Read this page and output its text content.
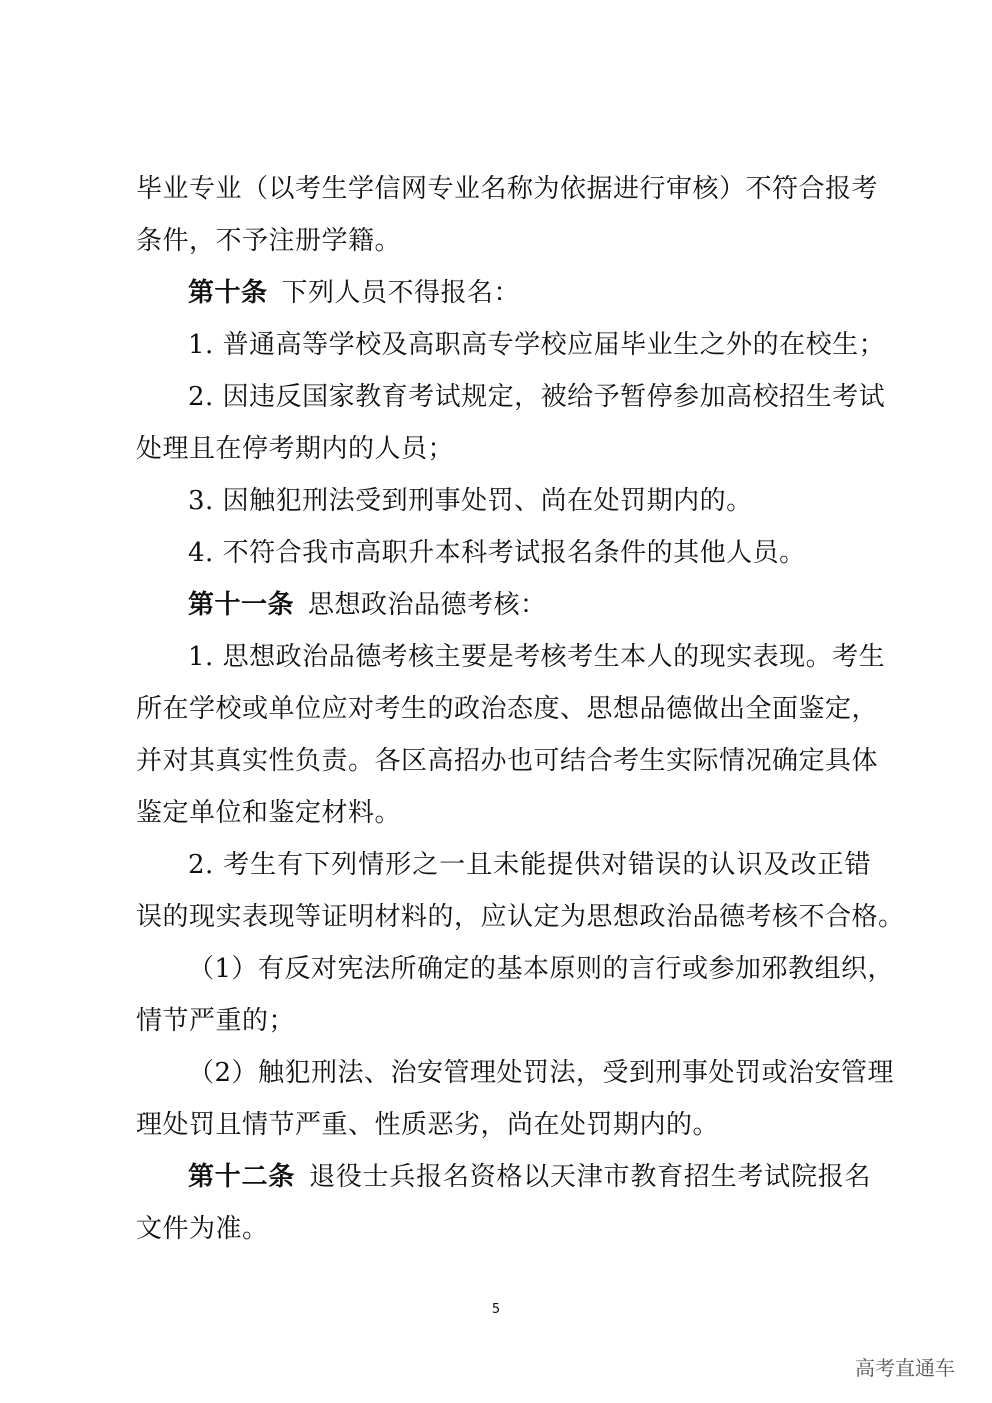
毕业专业（以考生学信网专业名称为依据进行审核）不符合报考
条件，不予注册学籍。
第十条 下列人员不得报名：
1. 普通高等学校及高职高专学校应届毕业生之外的在校生；
2. 因违反国家教育考试规定，被给予暂停参加高校招生考试
处理且在停考期内的人员；
3. 因触犯刑法受到刑事处罚、尚在处罚期内的。
4. 不符合我市高职升本科考试报名条件的其他人员。
第十一条 思想政治品德考核：
1. 思想政治品德考核主要是考核考生本人的现实表现。考生
所在学校或单位应对考生的政治态度、思想品德做出全面鉴定，
并对其真实性负责。各区高招办也可结合考生实际情况确定具体
鉴定单位和鉴定材料。
2. 考生有下列情形之一且未能提供对错误的认识及改正错
误的现实表现等证明材料的，应认定为思想政治品德考核不合格。
（1）有反对宪法所确定的基本原则的言行或参加邪教组织，
情节严重的；
（2）触犯刑法、治安管理处罚法，受到刑事处罚或治安管理
理处罚且情节严重、性质恶劣，尚在处罚期内的。
第十二条 退役士兵报名资格以天津市教育招生考试院报名
文件为准。
5
高考直通车
